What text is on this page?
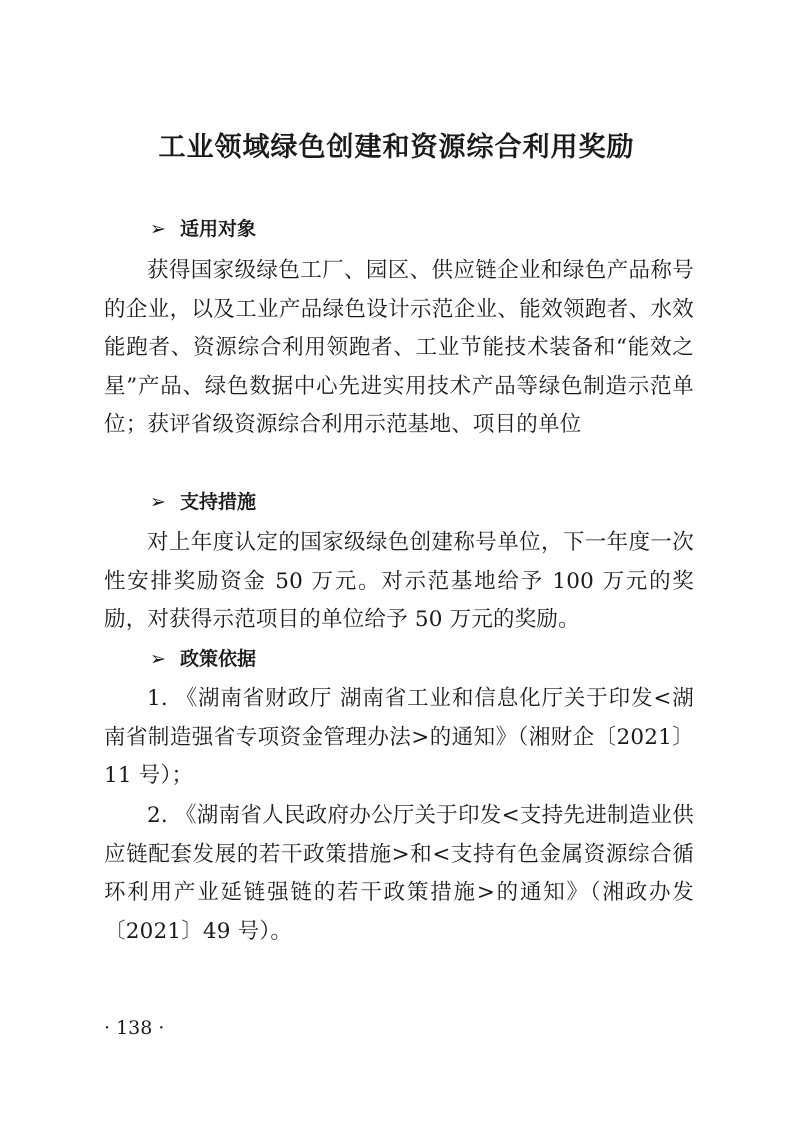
工业领域绿色创建和资源综合利用奖励
➢ 适用对象
获得国家级绿色工厂、园区、供应链企业和绿色产品称号的企业，以及工业产品绿色设计示范企业、能效领跑者、水效能跑者、资源综合利用领跑者、工业节能技术装备和“能效之星”产品、绿色数据中心先进实用技术产品等绿色制造示范单位；获评省级资源综合利用示范基地、项目的单位
➢ 支持措施
对上年度认定的国家级绿色创建称号单位，下一年度一次性安排奖励资金 50 万元。对示范基地给予 100 万元的奖励，对获得示范项目的单位给予 50 万元的奖励。
➢ 政策依据
1. 《湖南省财政厅 湖南省工业和信息化厅关于印发<湖南省制造强省专项资金管理办法>的通知》（湘财企〔2021〕11 号）；
2. 《湖南省人民政府办公厅关于印发<支持先进制造业供应链配套发展的若干政策措施>和<支持有色金属资源综合循环利用产业延链强链的若干政策措施>的通知》（湘政办发〔2021〕49 号）。
· 138 ·
